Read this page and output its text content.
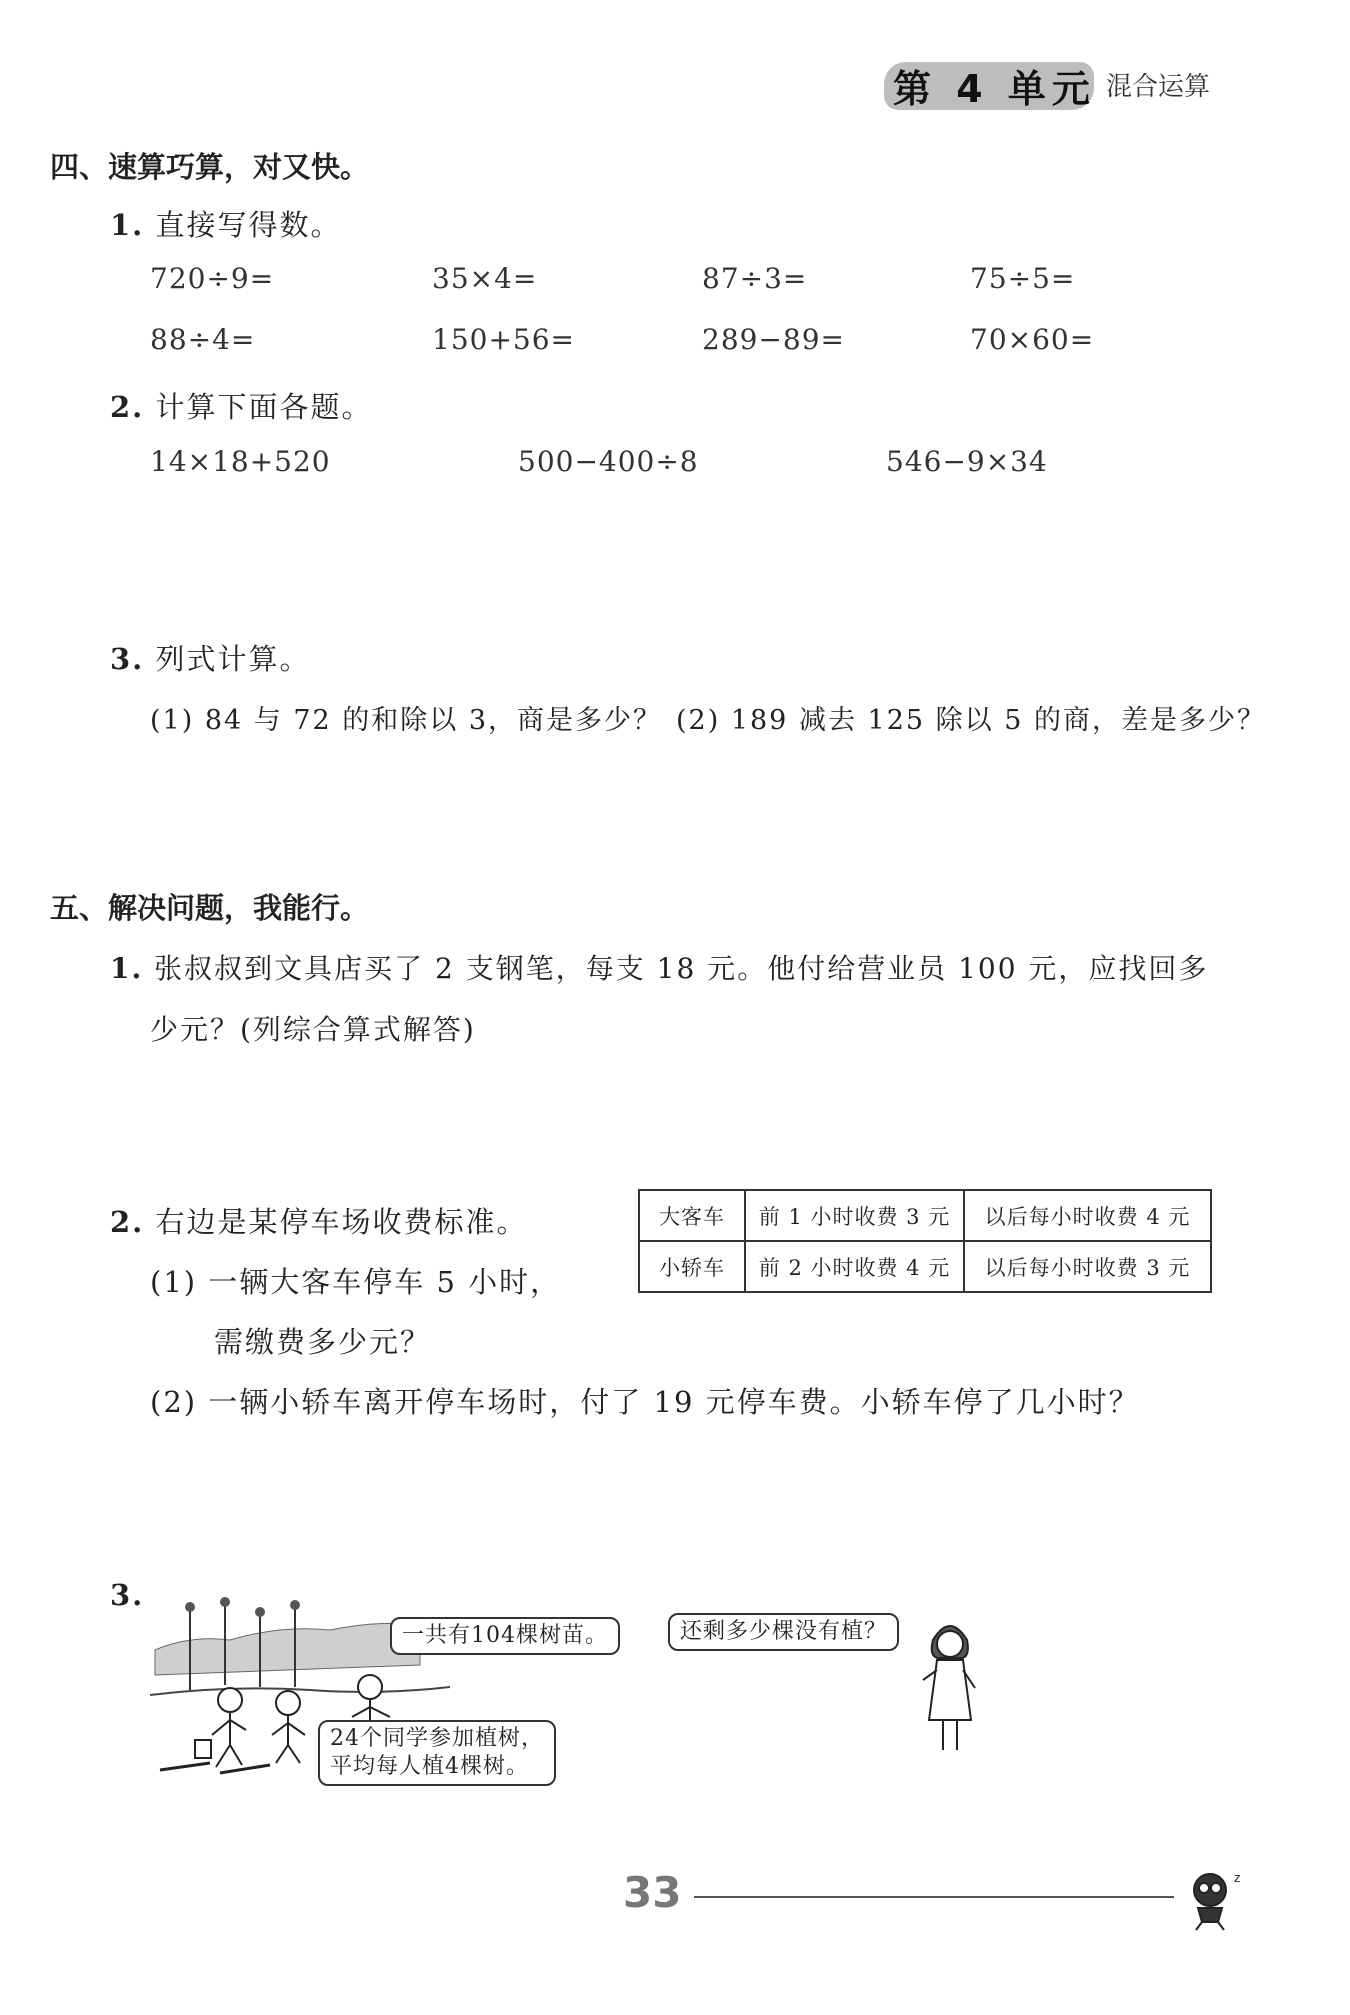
第 4 单元 混合运算
四、速算巧算，对又快。
1. 直接写得数。
720÷9=	35×4=	87÷3=	75÷5=
88÷4=	150+56=	289−89=	70×60=
2. 计算下面各题。
14×18+520	500−400÷8	546−9×34
3. 列式计算。
(1) 84 与 72 的和除以 3，商是多少？ (2) 189 减去 125 除以 5 的商，差是多少？
五、解决问题，我能行。
1. 张叔叔到文具店买了 2 支钢笔，每支 18 元。他付给营业员 100 元，应找回多
少元？(列综合算式解答)
2. 右边是某停车场收费标准。
(1) 一辆大客车停车 5 小时，
需缴费多少元？
(2) 一辆小轿车离开停车场时，付了 19 元停车费。小轿车停了几小时？
大客车	前 1 小时收费 3 元	以后每小时收费 4 元
小轿车	前 2 小时收费 4 元	以后每小时收费 3 元
3.
一共有104棵树苗。
24个同学参加植树，
平均每人植4棵树。
还剩多少棵没有植？
33	z
